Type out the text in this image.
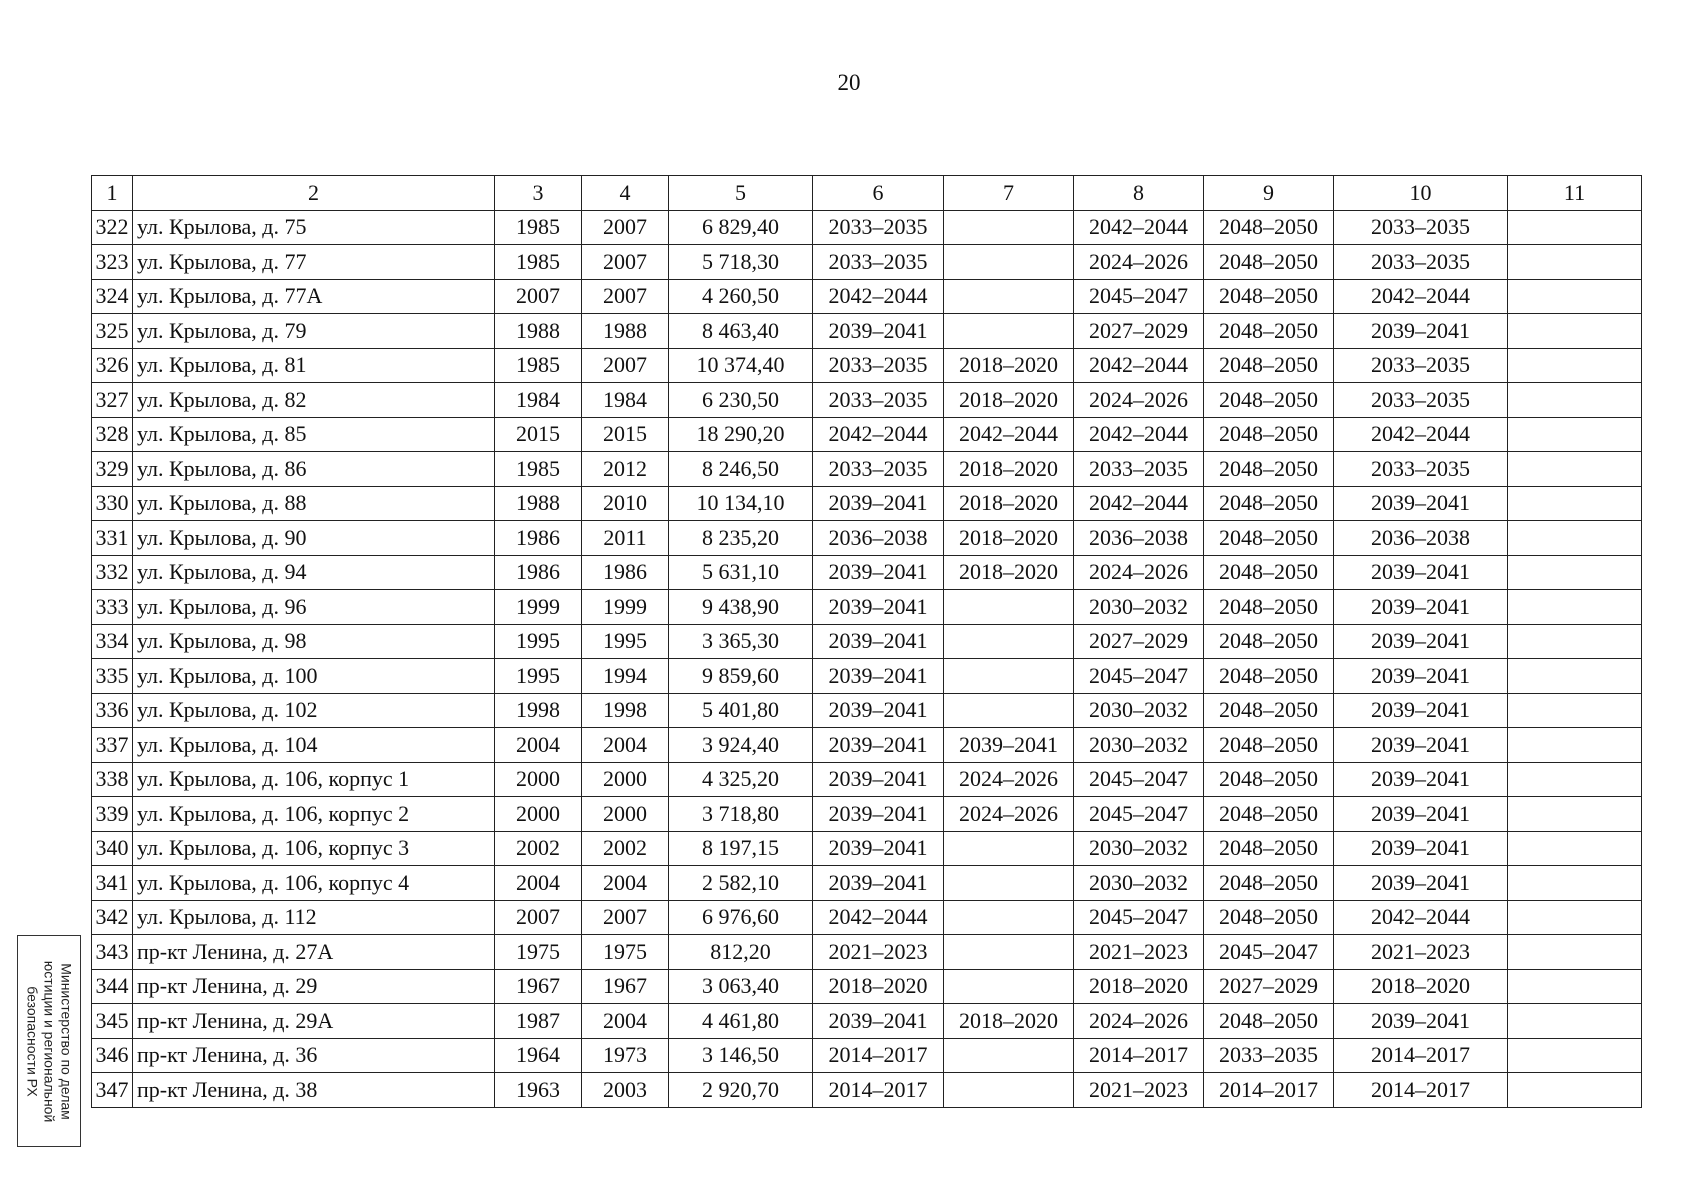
20
1	2	3	4	5	6	7	8	9	10	11
322	ул. Крылова, д. 75	1985	2007	6 829,40	2033–2035		2042–2044	2048–2050	2033–2035	
323	ул. Крылова, д. 77	1985	2007	5 718,30	2033–2035		2024–2026	2048–2050	2033–2035	
324	ул. Крылова, д. 77А	2007	2007	4 260,50	2042–2044		2045–2047	2048–2050	2042–2044	
325	ул. Крылова, д. 79	1988	1988	8 463,40	2039–2041		2027–2029	2048–2050	2039–2041	
326	ул. Крылова, д. 81	1985	2007	10 374,40	2033–2035	2018–2020	2042–2044	2048–2050	2033–2035	
327	ул. Крылова, д. 82	1984	1984	6 230,50	2033–2035	2018–2020	2024–2026	2048–2050	2033–2035	
328	ул. Крылова, д. 85	2015	2015	18 290,20	2042–2044	2042–2044	2042–2044	2048–2050	2042–2044	
329	ул. Крылова, д. 86	1985	2012	8 246,50	2033–2035	2018–2020	2033–2035	2048–2050	2033–2035	
330	ул. Крылова, д. 88	1988	2010	10 134,10	2039–2041	2018–2020	2042–2044	2048–2050	2039–2041	
331	ул. Крылова, д. 90	1986	2011	8 235,20	2036–2038	2018–2020	2036–2038	2048–2050	2036–2038	
332	ул. Крылова, д. 94	1986	1986	5 631,10	2039–2041	2018–2020	2024–2026	2048–2050	2039–2041	
333	ул. Крылова, д. 96	1999	1999	9 438,90	2039–2041		2030–2032	2048–2050	2039–2041	
334	ул. Крылова, д. 98	1995	1995	3 365,30	2039–2041		2027–2029	2048–2050	2039–2041	
335	ул. Крылова, д. 100	1995	1994	9 859,60	2039–2041		2045–2047	2048–2050	2039–2041	
336	ул. Крылова, д. 102	1998	1998	5 401,80	2039–2041		2030–2032	2048–2050	2039–2041	
337	ул. Крылова, д. 104	2004	2004	3 924,40	2039–2041	2039–2041	2030–2032	2048–2050	2039–2041	
338	ул. Крылова, д. 106, корпус 1	2000	2000	4 325,20	2039–2041	2024–2026	2045–2047	2048–2050	2039–2041	
339	ул. Крылова, д. 106, корпус 2	2000	2000	3 718,80	2039–2041	2024–2026	2045–2047	2048–2050	2039–2041	
340	ул. Крылова, д. 106, корпус 3	2002	2002	8 197,15	2039–2041		2030–2032	2048–2050	2039–2041	
341	ул. Крылова, д. 106, корпус 4	2004	2004	2 582,10	2039–2041		2030–2032	2048–2050	2039–2041	
342	ул. Крылова, д. 112	2007	2007	6 976,60	2042–2044		2045–2047	2048–2050	2042–2044	
343	пр-кт Ленина, д. 27А	1975	1975	812,20	2021–2023		2021–2023	2045–2047	2021–2023	
344	пр-кт Ленина, д. 29	1967	1967	3 063,40	2018–2020		2018–2020	2027–2029	2018–2020	
345	пр-кт Ленина, д. 29А	1987	2004	4 461,80	2039–2041	2018–2020	2024–2026	2048–2050	2039–2041	
346	пр-кт Ленина, д. 36	1964	1973	3 146,50	2014–2017		2014–2017	2033–2035	2014–2017	
347	пр-кт Ленина, д. 38	1963	2003	2 920,70	2014–2017		2021–2023	2014–2017	2014–2017	
Министерство по делам
юстиции и региональной
безопасности РХ
